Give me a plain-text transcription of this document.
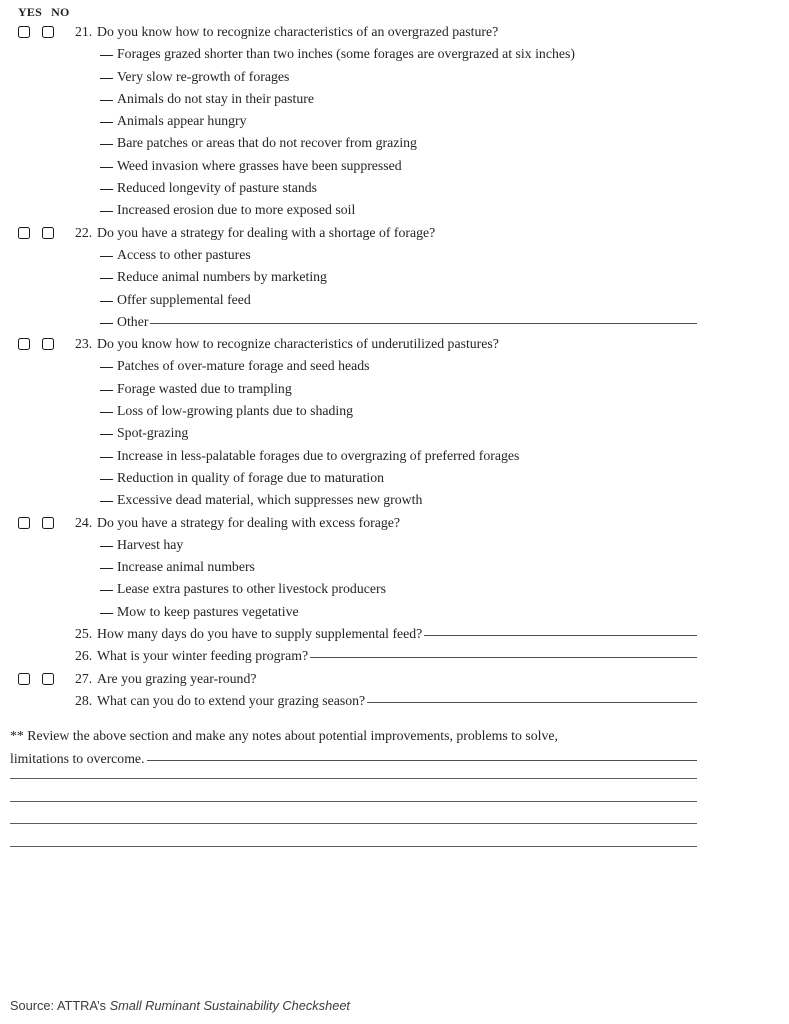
YES NO
21. Do you know how to recognize characteristics of an overgrazed pasture?
Forages grazed shorter than two inches (some forages are overgrazed at six inches)
Very slow re-growth of forages
Animals do not stay in their pasture
Animals appear hungry
Bare patches or areas that do not recover from grazing
Weed invasion where grasses have been suppressed
Reduced longevity of pasture stands
Increased erosion due to more exposed soil
22. Do you have a strategy for dealing with a shortage of forage?
Access to other pastures
Reduce animal numbers by marketing
Offer supplemental feed
Other
23. Do you know how to recognize characteristics of underutilized pastures?
Patches of over-mature forage and seed heads
Forage wasted due to trampling
Loss of low-growing plants due to shading
Spot-grazing
Increase in less-palatable forages due to overgrazing of preferred forages
Reduction in quality of forage due to maturation
Excessive dead material, which suppresses new growth
24. Do you have a strategy for dealing with excess forage?
Harvest hay
Increase animal numbers
Lease extra pastures to other livestock producers
Mow to keep pastures vegetative
25. How many days do you have to supply supplemental feed?
26. What is your winter feeding program?
27. Are you grazing year-round?
28. What can you do to extend your grazing season?
** Review the above section and make any notes about potential improvements, problems to solve,
limitations to overcome.
Source: ATTRA’s Small Ruminant Sustainability Checksheet
